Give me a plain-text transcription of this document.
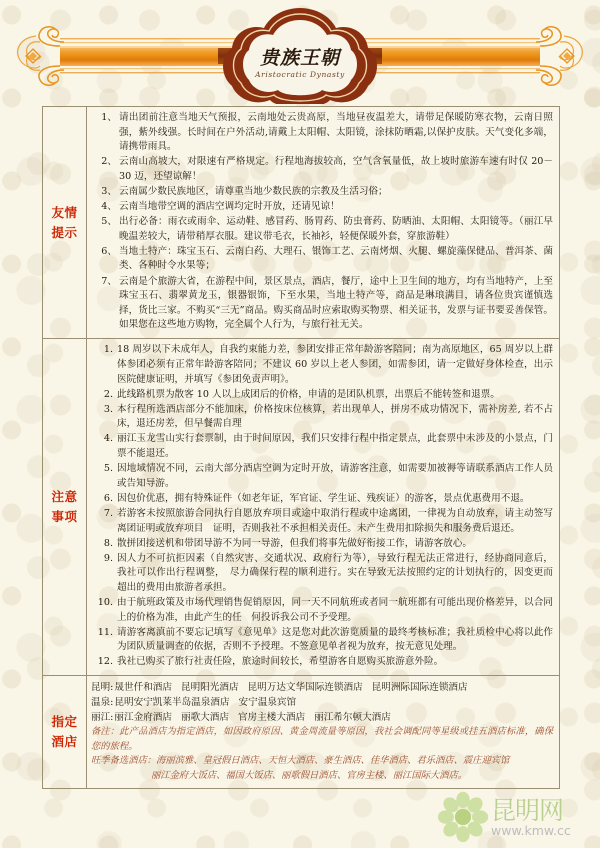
贵族王朝
Aristocratic Dynasty
友情
提示
1、 请出团前注意当地天气预报，云南地处云贵高原，当地昼夜温差大，请带足保暖防寒衣物，云南日照强，紫外线强。长时间在户外活动,请戴上太阳帽、太阳镜，涂抹防晒霜,以保护皮肤。天气变化多端，请携带雨具。
2、 云南山高坡大，对限速有严格规定。行程地海拔较高，空气含氧量低，故上坡时旅游车速有时仅 20－30 迈，还望谅解！
3、 云南属少数民族地区，请尊重当地少数民族的宗教及生活习俗；
4、 云南当地带空调的酒店空调均定时开放，还请见谅！
5、 出行必备：雨衣或雨伞、运动鞋、感冒药、肠胃药、防虫膏药、防晒油、太阳帽、太阳镜等。（丽江早晚温差较大，请带稍厚衣服。建议带毛衣，长袖衫，轻便保暖外套，穿旅游鞋）
6、 当地土特产：珠宝玉石、云南白药、大理石、银饰工艺、云南烤烟、火腿、螺旋藻保健品、普洱茶、菌类、各种时令水果等；
7、 云南是个旅游大省，在游程中间，景区景点，酒店，餐厅，途中上卫生间的地方，均有当地特产，上至珠宝玉石、翡翠黄龙玉，银器银饰，下至水果，当地土特产等，商品是琳琅满目，请各位贵宾谨慎选择，货比三家。不购买“三无”商品。购买商品时应索取购买物票、相关证书，发票与证书要妥善保管。如果您在这些地方购物，完全属个人行为，与旅行社无关。
注意
事项
1. 18 周岁以下未成年人，自我约束能力差，参团安排正常年龄游客陪同；南为高原地区，65 周岁以上群体参团必须有正常年龄游客陪同；不建议 60 岁以上老人参团，如需参团，请一定做好身体检查，出示医院健康证明，并填写《参团免责声明》。
2. 此线路机票为散客 10 人以上成团后的价格，申请的是团队机票，出票后不能转签和退票。
3. 本行程所选酒店部分不能加床，价格按床位核算，若出现单人，拼房不成功情况下，需补房差, 若不占床，退还房差，但早餐需自理
4. 丽江玉龙雪山实行套票制，由于时间原因，我们只安排行程中指定景点，此套票中未涉及的小景点，门票不能退还。
5. 因地域情况不同，云南大部分酒店空调为定时开放，请游客注意，如需要加被褥等请联系酒店工作人员或告知导游。
6. 因包价优惠，拥有特殊证件（如老年证，军官证、学生证、残疾证）的游客，景点优惠费用不退。
7. 若游客未按照旅游合同执行自愿放弃项目或途中取消行程或中途离团，一律视为自动放弃，请主动签写离团证明或放弃项目　证明，否则我社不承担相关责任。未产生费用扣除损失和服务费后退还。
8. 散拼团接送机和带团导游不为同一导游，但我们将事先做好衔接工作，请游客放心。
9. 因人力不可抗拒因素（自然灾害、交通状况、政府行为等），导致行程无法正常进行，经协商同意后，我社可以作出行程调整，　尽力确保行程的顺利进行。实在导致无法按照约定的计划执行的，因变更而超出的费用由旅游者承担。
10. 由于航班政策及市场代理销售促销原因，同一天不同航班或者同一航班都有可能出现价格差异，以合同上的价格为准，由此产生的任　何投诉我公司不予受理。
11. 请游客离滇前不要忘记填写《意见单》这是您对此次游览质量的最终考核标准；我社质检中心将以此作为团队质量调查的依据，否则不予授理。不签意见单者视为放弃，按无意见处理。
12. 我社已购买了旅行社责任险，旅途时间较长，希望游客自愿购买旅游意外险。
指定
酒店
昆明: 晟世仟和酒店 昆明阳光酒店 昆明万达文华国际连锁酒店 昆明洲际国际连锁酒店
温泉: 昆明安宁凯莱半岛温泉酒店 安宁温泉宾馆
丽江: 丽江金府酒店 丽歌大酒店 官房主楼大酒店 丽江希尔顿大酒店
备注：此产品酒店为指定酒店，如因政府原因、黄金周流量等原因，我社会调配同等星级或挂五酒店标准，确保您的旅程。
旺季备选酒店：海丽滨雅、皇冠假日酒店、天恒大酒店、豪生酒店、佳华酒店、君乐酒店、震庄迎宾馆
丽江金府大饭店、福国大饭店、丽歌假日酒店、官房主楼、丽江国际大酒店。
昆明网
www.kmw.cc
